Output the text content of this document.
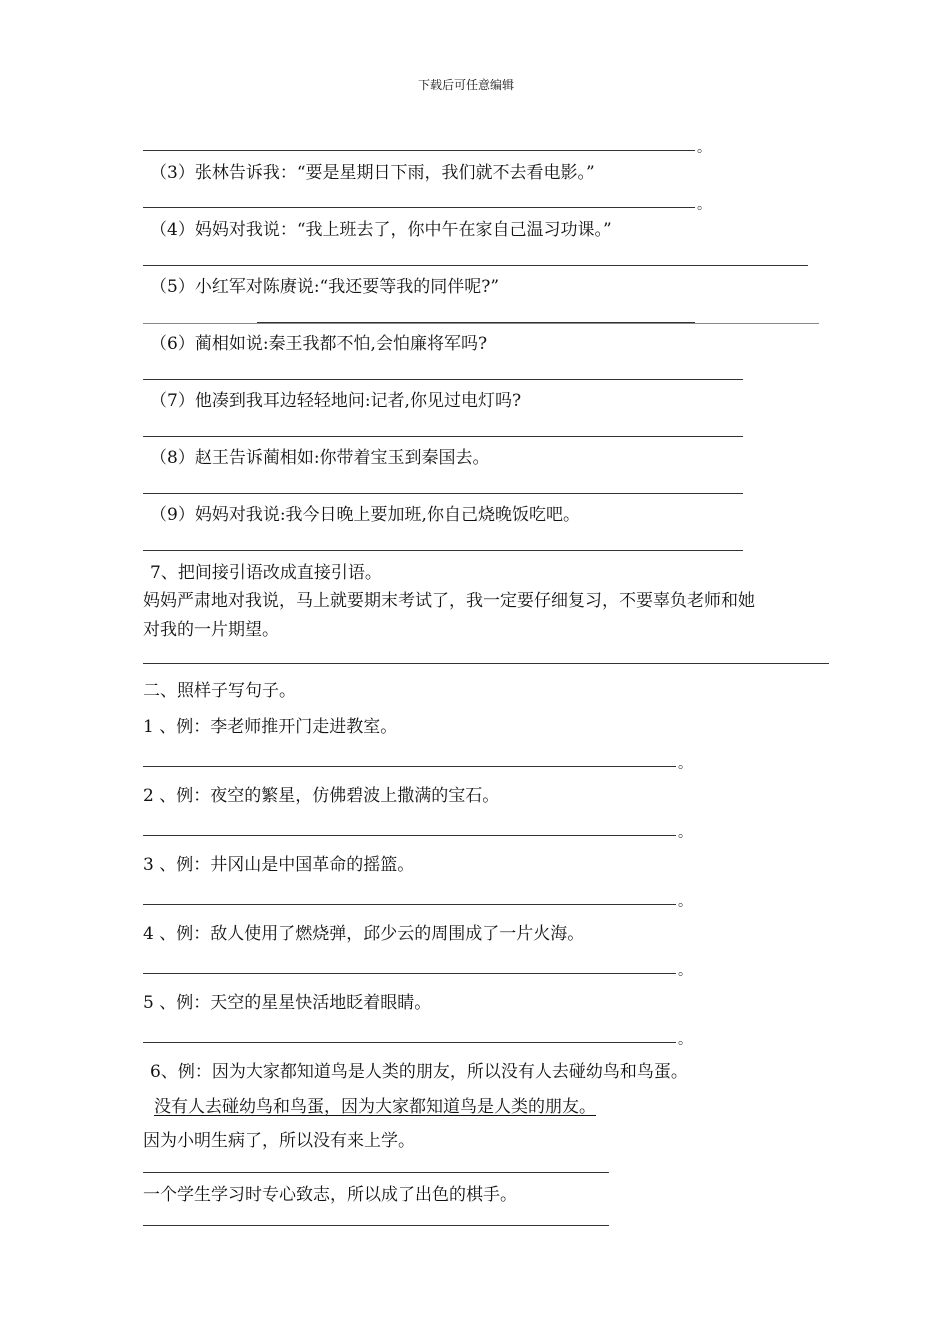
下载后可任意编辑
。
（3）张林告诉我：“要是星期日下雨，我们就不去看电影。”
。
（4）妈妈对我说：“我上班去了，你中午在家自己温习功课。”
（5）小红军对陈赓说:“我还要等我的同伴呢?”
（6）蔺相如说:秦王我都不怕,会怕廉将军吗?
（7）他凑到我耳边轻轻地问:记者,你见过电灯吗?
（8）赵王告诉蔺相如:你带着宝玉到秦国去。
（9）妈妈对我说:我今日晚上要加班,你自己烧晚饭吃吧。
7、把间接引语改成直接引语。
妈妈严肃地对我说，马上就要期末考试了，我一定要仔细复习，不要辜负老师和她
对我的一片期望。
二、照样子写句子。
1 、例：李老师推开门走进教室。
。
2 、例：夜空的繁星，仿佛碧波上撒满的宝石。
。
3 、例：井冈山是中国革命的摇篮。
。
4 、例：敌人使用了燃烧弹，邱少云的周围成了一片火海。
。
5 、例：天空的星星快活地眨着眼睛。
。
6、例：因为大家都知道鸟是人类的朋友，所以没有人去碰幼鸟和鸟蛋。
没有人去碰幼鸟和鸟蛋，因为大家都知道鸟是人类的朋友。
因为小明生病了，所以没有来上学。
一个学生学习时专心致志，所以成了出色的棋手。
